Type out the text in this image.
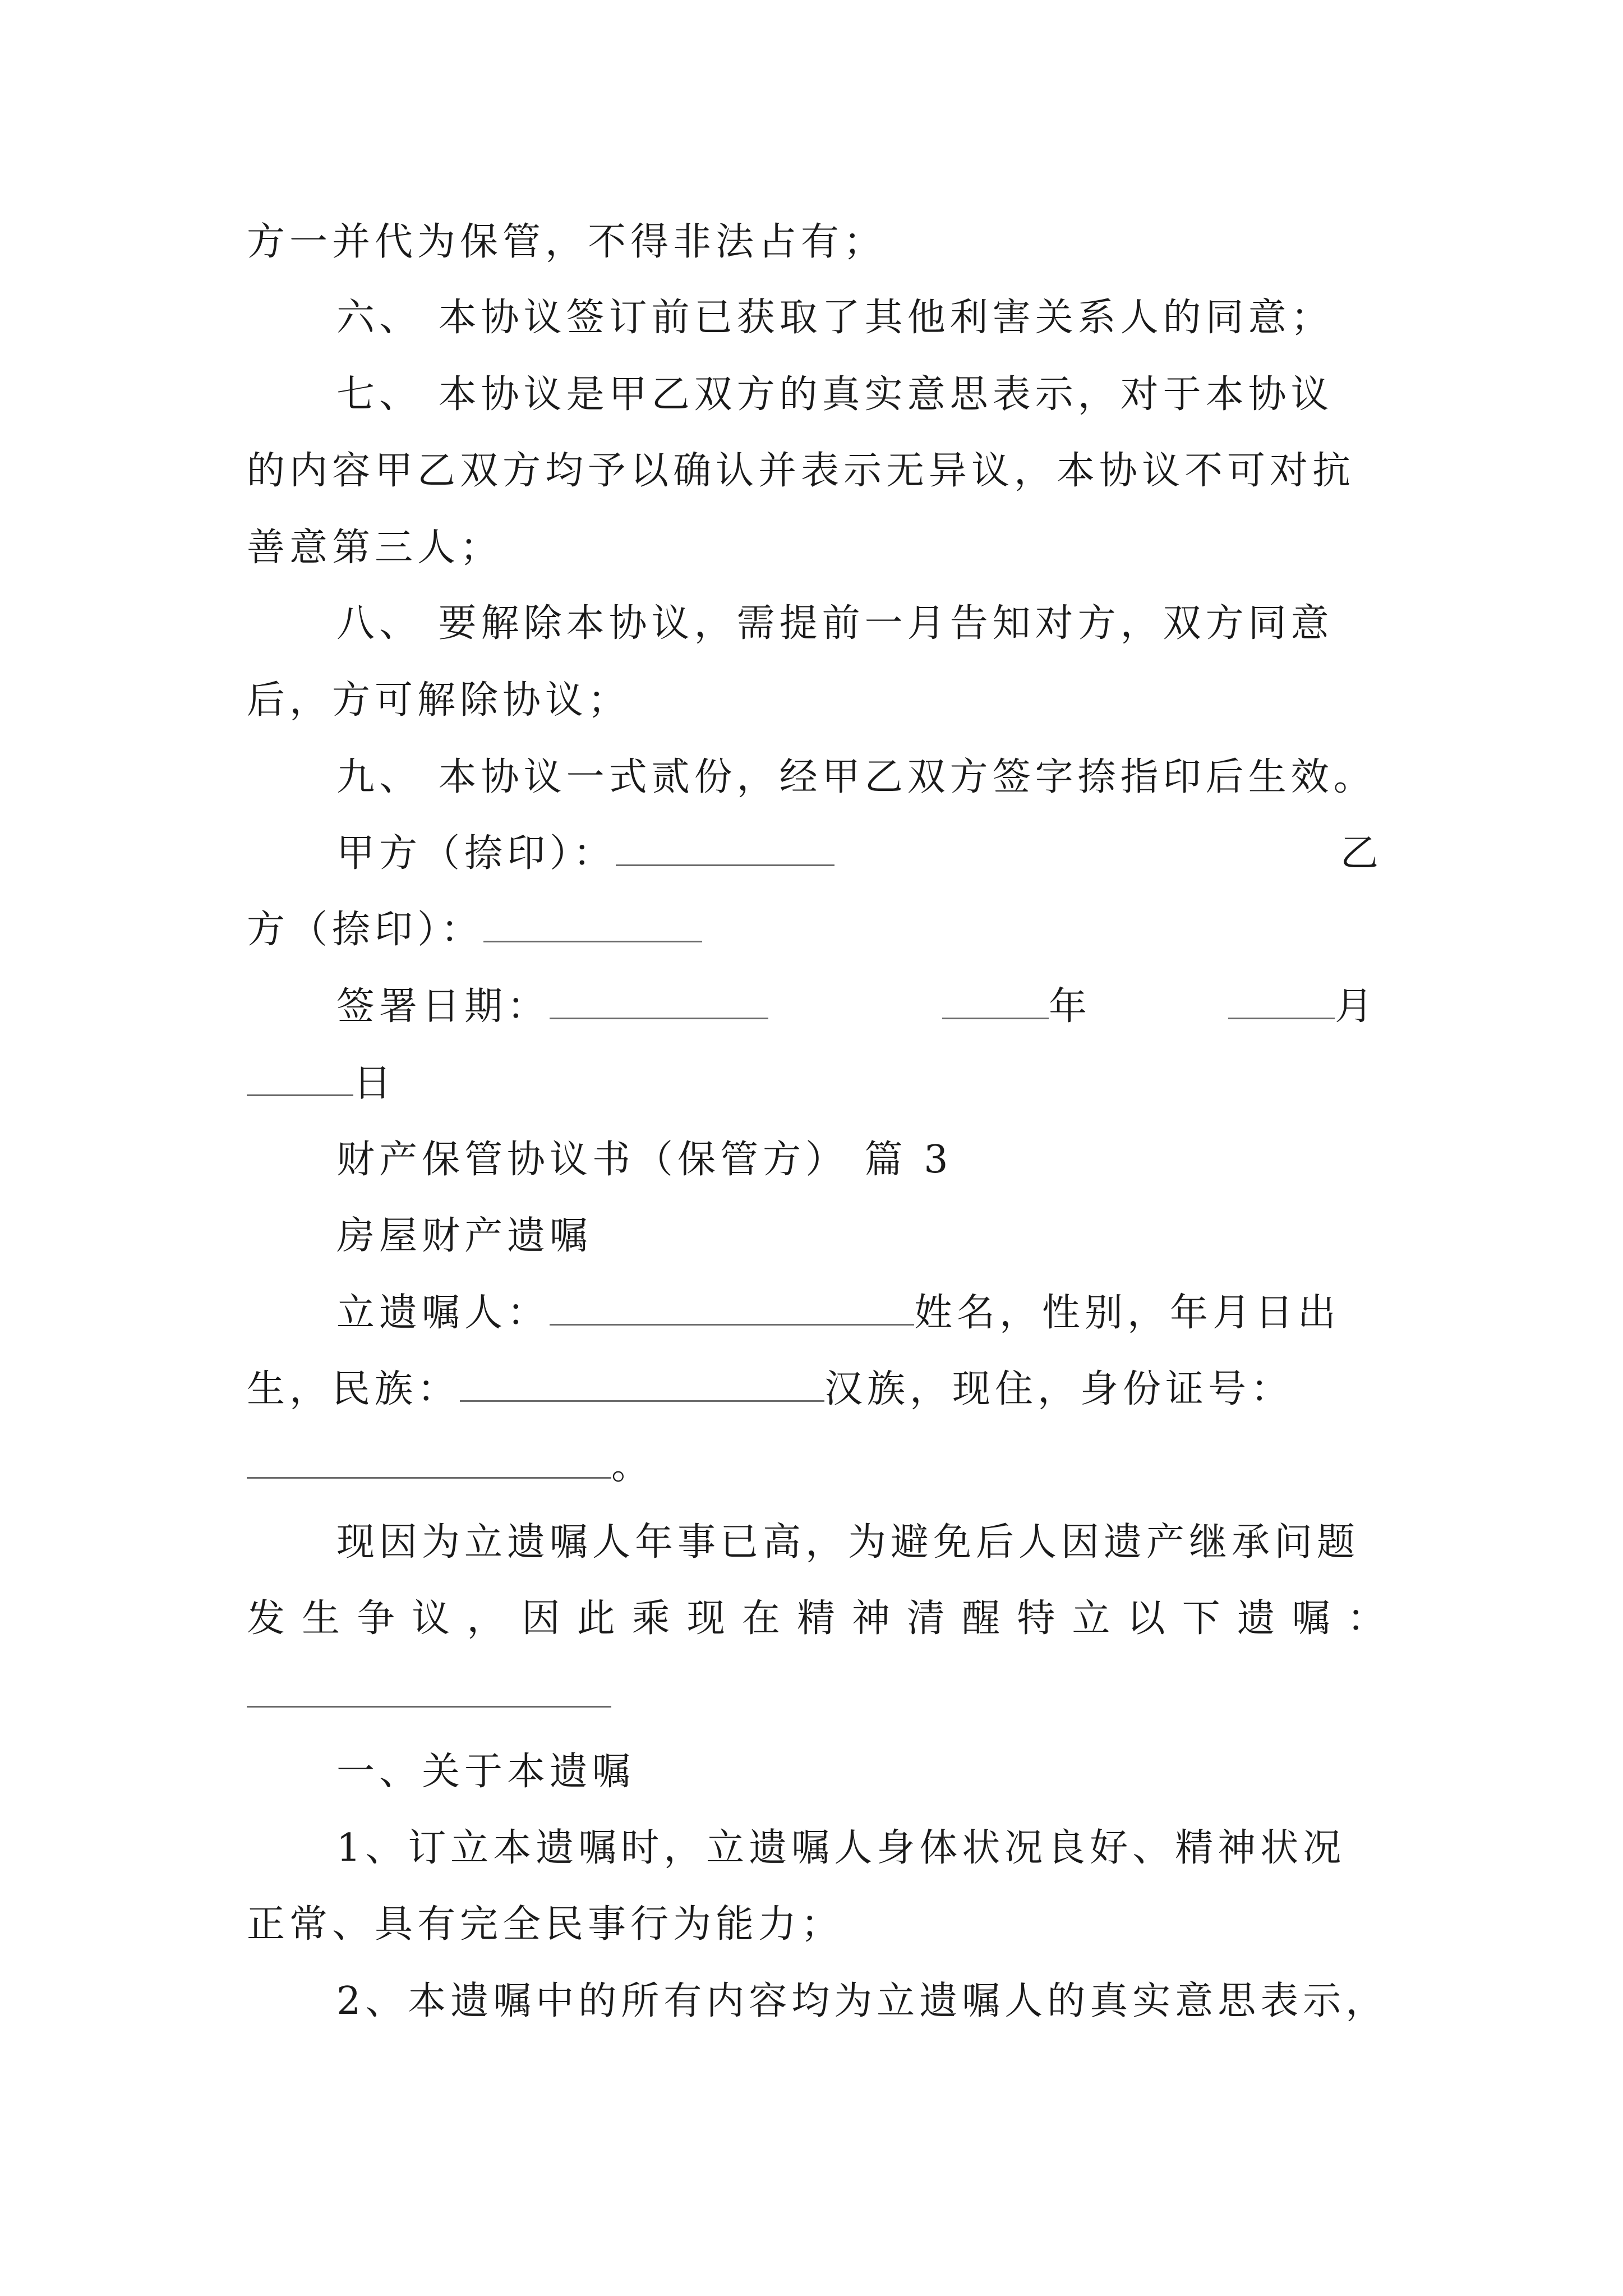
方一并代为保管，不得非法占有；
六、 本协议签订前已获取了其他利害关系人的同意；
七、 本协议是甲乙双方的真实意思表示，对于本协议
的内容甲乙双方均予以确认并表示无异议，本协议不可对抗
善意第三人；
八、 要解除本协议，需提前一月告知对方，双方同意
后，方可解除协议；
九、 本协议一式贰份，经甲乙双方签字捺指印后生效。
甲方（捺印）：	乙
方（捺印）：
签署日期：	年	月
日
财产保管协议书（保管方） 篇 3
房屋财产遗嘱
立遗嘱人：	姓名，性别，年月日出
生，民族：	汉族，现住，身份证号：
。
现因为立遗嘱人年事已高，为避免后人因遗产继承问题
发 生 争 议 ， 因 此 乘 现 在 精 神 清 醒 特 立 以 下 遗 嘱 ：
一、关于本遗嘱
1、订立本遗嘱时，立遗嘱人身体状况良好、精神状况
正常、具有完全民事行为能力；
2、本遗嘱中的所有内容均为立遗嘱人的真实意思表示，
